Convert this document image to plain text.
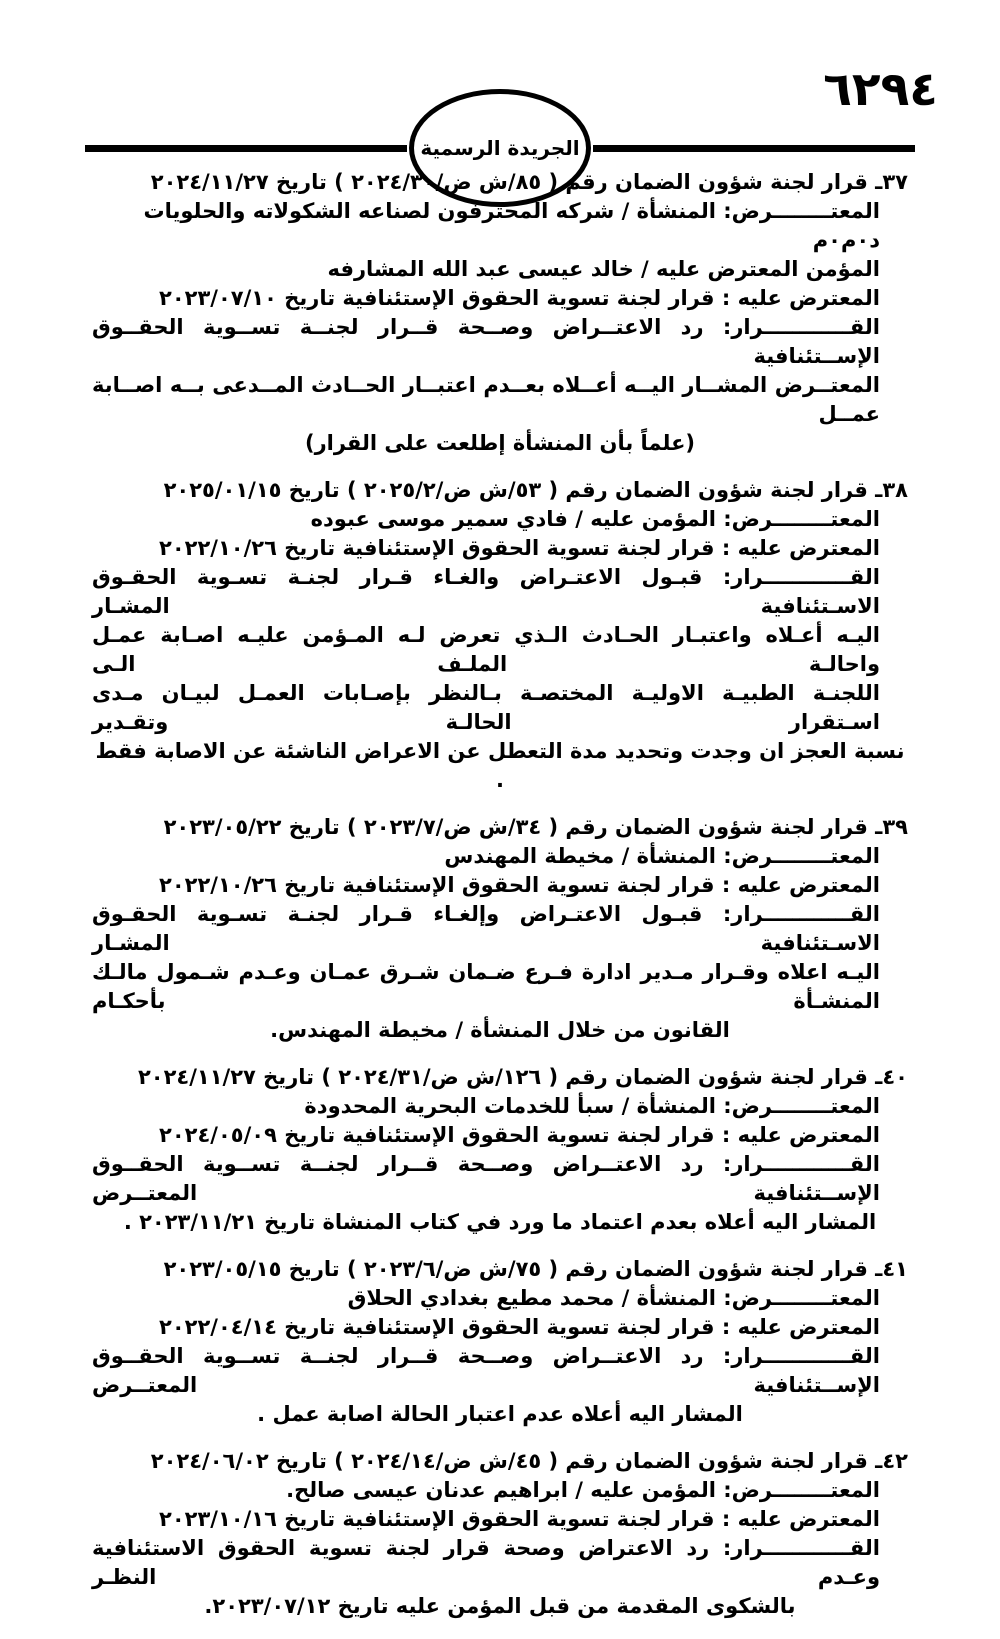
٦٢٩٤
الجريدة الرسمية
٣٧ـ قرار لجنة شؤون الضمان رقم ( ٨٥/ش ض/٢٠٢٤/٣٠ ) تاريخ ٢٠٢٤/١١/٢٧
المعتــــــــرض: المنشأة / شركه المحترفون لصناعه الشكولاته والحلويات د٠م٠م
المؤمن المعترض عليه / خالد عيسى عبد الله المشارفه
المعترض عليه : قرار لجنة تسوية الحقوق الإستئنافية تاريخ ٢٠٢٣/٠٧/١٠
القــــــــــــرار: رد الاعتــراض وصــحة قــرار لجنــة تســوية الحقــوق الإســتئنافية
المعتــرض المشــار اليــه أعــلاه بعــدم اعتبــار الحــادث المــدعى بــه اصــابة عمــل
(علماً بأن المنشأة إطلعت على القرار)
٣٨ـ قرار لجنة شؤون الضمان رقم ( ٥٣/ش ض/٢٠٢٥/٢ ) تاريخ ٢٠٢٥/٠١/١٥
المعتــــــــرض: المؤمن عليه / فادي سمير موسى عبوده
المعترض عليه : قرار لجنة تسوية الحقوق الإستئنافية تاريخ ٢٠٢٢/١٠/٢٦
القــــــــــــرار: قبـول الاعتـراض والغـاء قـرار لجنـة تسـوية الحقـوق الاسـتئنافية المشـار
اليـه أعـلاه واعتبـار الحـادث الـذي تعرض لـه المـؤمن عليـه اصـابة عمـل واحالـة الملـف الـى
اللجنـة الطبيـة الاوليـة المختصـة بـالنظر بإصـابات العمـل لبيـان مـدى اسـتقرار الحالـة وتقـدير
نسبة العجز ان وجدت وتحديد مدة التعطل عن الاعراض الناشئة عن الاصابة فقط .
٣٩ـ قرار لجنة شؤون الضمان رقم ( ٣٤/ش ض/٢٠٢٣/٧ ) تاريخ ٢٠٢٣/٠٥/٢٢
المعتــــــــرض: المنشأة / مخيطة المهندس
المعترض عليه : قرار لجنة تسوية الحقوق الإستئنافية تاريخ ٢٠٢٢/١٠/٢٦
القــــــــــــرار: قبـول الاعتـراض وإلغـاء قـرار لجنـة تسـوية الحقـوق الاسـتئنافية المشـار
اليـه اعلاه وقـرار مـدير ادارة فـرع ضـمان شـرق عمـان وعـدم شـمول مالـك المنشـأة بأحكـام
القانون من خلال المنشأة / مخيطة المهندس.
٤٠ـ قرار لجنة شؤون الضمان رقم ( ١٢٦/ش ض/٢٠٢٤/٣١ ) تاريخ ٢٠٢٤/١١/٢٧
المعتــــــــرض: المنشأة / سبأ للخدمات البحرية المحدودة
المعترض عليه : قرار لجنة تسوية الحقوق الإستئنافية تاريخ ٢٠٢٤/٠٥/٠٩
القــــــــــــرار: رد الاعتــراض وصــحة قــرار لجنــة تســوية الحقــوق الإســتئنافية المعتــرض
المشار اليه أعلاه بعدم اعتماد ما ورد في كتاب المنشاة تاريخ ٢٠٢٣/١١/٢١ .
٤١ـ قرار لجنة شؤون الضمان رقم ( ٧٥/ش ض/٢٠٢٣/٦ ) تاريخ ٢٠٢٣/٠٥/١٥
المعتــــــــرض: المنشأة / محمد مطيع بغدادي الحلاق
المعترض عليه : قرار لجنة تسوية الحقوق الإستئنافية تاريخ ٢٠٢٢/٠٤/١٤
القــــــــــــرار: رد الاعتــراض وصــحة قــرار لجنــة تســوية الحقــوق الإســتئنافية المعتــرض
المشار اليه أعلاه عدم اعتبار الحالة اصابة عمل .
٤٢ـ قرار لجنة شؤون الضمان رقم ( ٤٥/ش ض/٢٠٢٤/١٤ ) تاريخ ٢٠٢٤/٠٦/٠٢
المعتــــــــرض: المؤمن عليه / ابراهيم عدنان عيسى صالح.
المعترض عليه : قرار لجنة تسوية الحقوق الإستئنافية تاريخ ٢٠٢٣/١٠/١٦
القــــــــــــرار: رد الاعتراض وصحة قرار لجنة تسوية الحقوق الاستئنافية وعـدم النظـر
بالشكوى المقدمة من قبل المؤمن عليه تاريخ ٢٠٢٣/٠٧/١٢.
